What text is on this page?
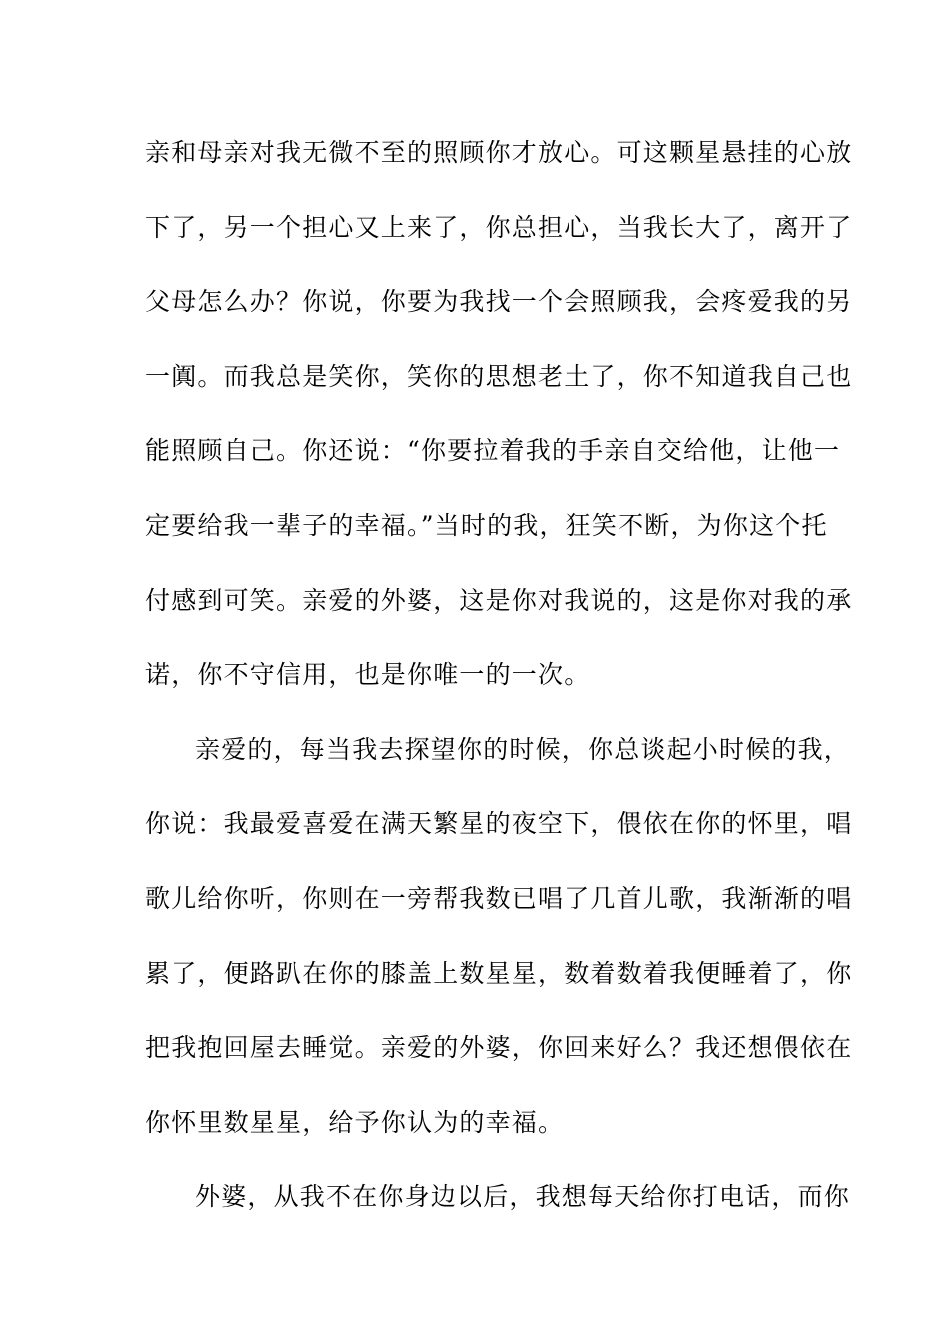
亲和母亲对我无微不至的照顾你才放心。可这颗星悬挂的心放
下了，另一个担心又上来了，你总担心，当我长大了，离开了
父母怎么办？你说，你要为我找一个会照顾我，会疼爱我的另
一阗。而我总是笑你，笑你的思想老土了，你不知道我自己也
能照顾自己。你还说：“你要拉着我的手亲自交给他，让他一
定要给我一辈子的幸福。”当时的我，狂笑不断，为你这个托
付感到可笑。亲爱的外婆，这是你对我说的，这是你对我的承
诺，你不守信用，也是你唯一的一次。
亲爱的，每当我去探望你的时候，你总谈起小时候的我，
你说：我最爱喜爱在满天繁星的夜空下，偎依在你的怀里，唱
歌儿给你听，你则在一旁帮我数已唱了几首儿歌，我渐渐的唱
累了，便路趴在你的膝盖上数星星，数着数着我便睡着了，你
把我抱回屋去睡觉。亲爱的外婆，你回来好么？我还想偎依在
你怀里数星星，给予你认为的幸福。
外婆，从我不在你身边以后，我想每天给你打电话，而你
